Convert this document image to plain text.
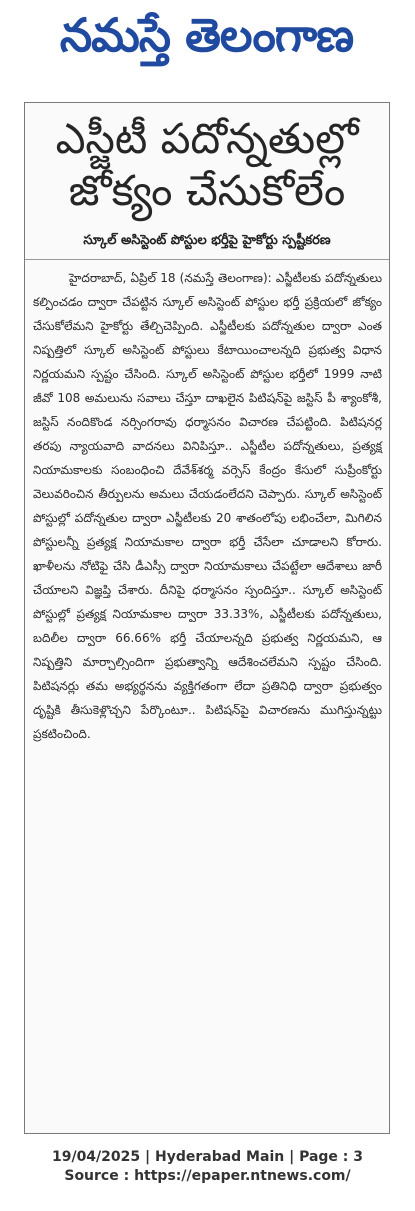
నమస్తే తెలంగాణ
ఎస్జీటీ పదోన్నతుల్లో జోక్యం చేసుకోలేం
స్కూల్ అసిస్టెంట్ పోస్టుల భర్తీపై హైకోర్టు స్పష్టీకరణ
హైదరాబాద్, ఏప్రిల్ 18 (నమస్తే తెలంగాణ): ఎస్జీటీలకు పదోన్నతులు కల్పించడం ద్వారా చేపట్టిన స్కూల్ అసిస్టెంట్ పోస్టుల భర్తీ ప్రక్రియలో జోక్యం చేసుకోలేమని హైకోర్టు తేల్చిచెప్పింది. ఎస్జీటీలకు పదోన్నతుల ద్వారా ఎంత నిష్పత్తిలో స్కూల్ అసిస్టెంట్ పోస్టులు కేటాయించాలన్నది ప్రభుత్వ విధాన నిర్ణయమని స్పష్టం చేసింది. స్కూల్ అసిస్టెంట్ పోస్టుల భర్తీలో 1999 నాటి జీవో 108 అమలును సవాలు చేస్తూ దాఖలైన పిటిషన్‌పై జస్టిస్ పీ శ్యాంకోశీ, జస్టిస్ నందికొండ నర్సింగరావు ధర్మాసనం విచారణ చేపట్టింది. పిటిషనర్ల తరపు న్యాయవాది వాదనలు వినిపిస్తూ.. ఎస్జీటీల పదోన్నతులు, ప్రత్యక్ష నియామకాలకు సంబంధించి దేవేశ్‌శర్మ వర్సెస్ కేంద్రం కేసులో సుప్రీంకోర్టు వెలువరించిన తీర్పులను అమలు చేయడంలేదని చెప్పారు. స్కూల్ అసిస్టెంట్ పోస్టుల్లో పదోన్నతుల ద్వారా ఎస్జీటీలకు 20 శాతంలోపు లభించేలా, మిగిలిన పోస్టులన్నీ ప్రత్యక్ష నియామకాల ద్వారా భర్తీ చేసేలా చూడాలని కోరారు. ఖాళీలను నోటిఫై చేసి డీఎస్సీ ద్వారా నియామకాలు చేపట్టేలా ఆదేశాలు జారీ చేయాలని విజ్ఞప్తి చేశారు. దీనిపై ధర్మాసనం స్పందిస్తూ.. స్కూల్ అసిస్టెంట్ పోస్టుల్లో ప్రత్యక్ష నియామకాల ద్వారా 33.33%, ఎస్జీటీలకు పదోన్నతులు, బదిలీల ద్వారా 66.66% భర్తీ చేయాలన్నది ప్రభుత్వ నిర్ణయమని, ఆ నిష్పత్తిని మార్చాల్సిందిగా ప్రభుత్వాన్ని ఆదేశించలేమని స్పష్టం చేసింది. పిటిషనర్లు తమ అభ్యర్థనను వ్యక్తిగతంగా లేదా ప్రతినిధి ద్వారా ప్రభుత్వం దృష్టికి తీసుకెళ్లొచ్చని పేర్కొంటూ.. పిటిషన్‌పై విచారణను ముగిస్తున్నట్టు ప్రకటించింది.
19/04/2025 | Hyderabad Main | Page : 3
Source : https://epaper.ntnews.com/
